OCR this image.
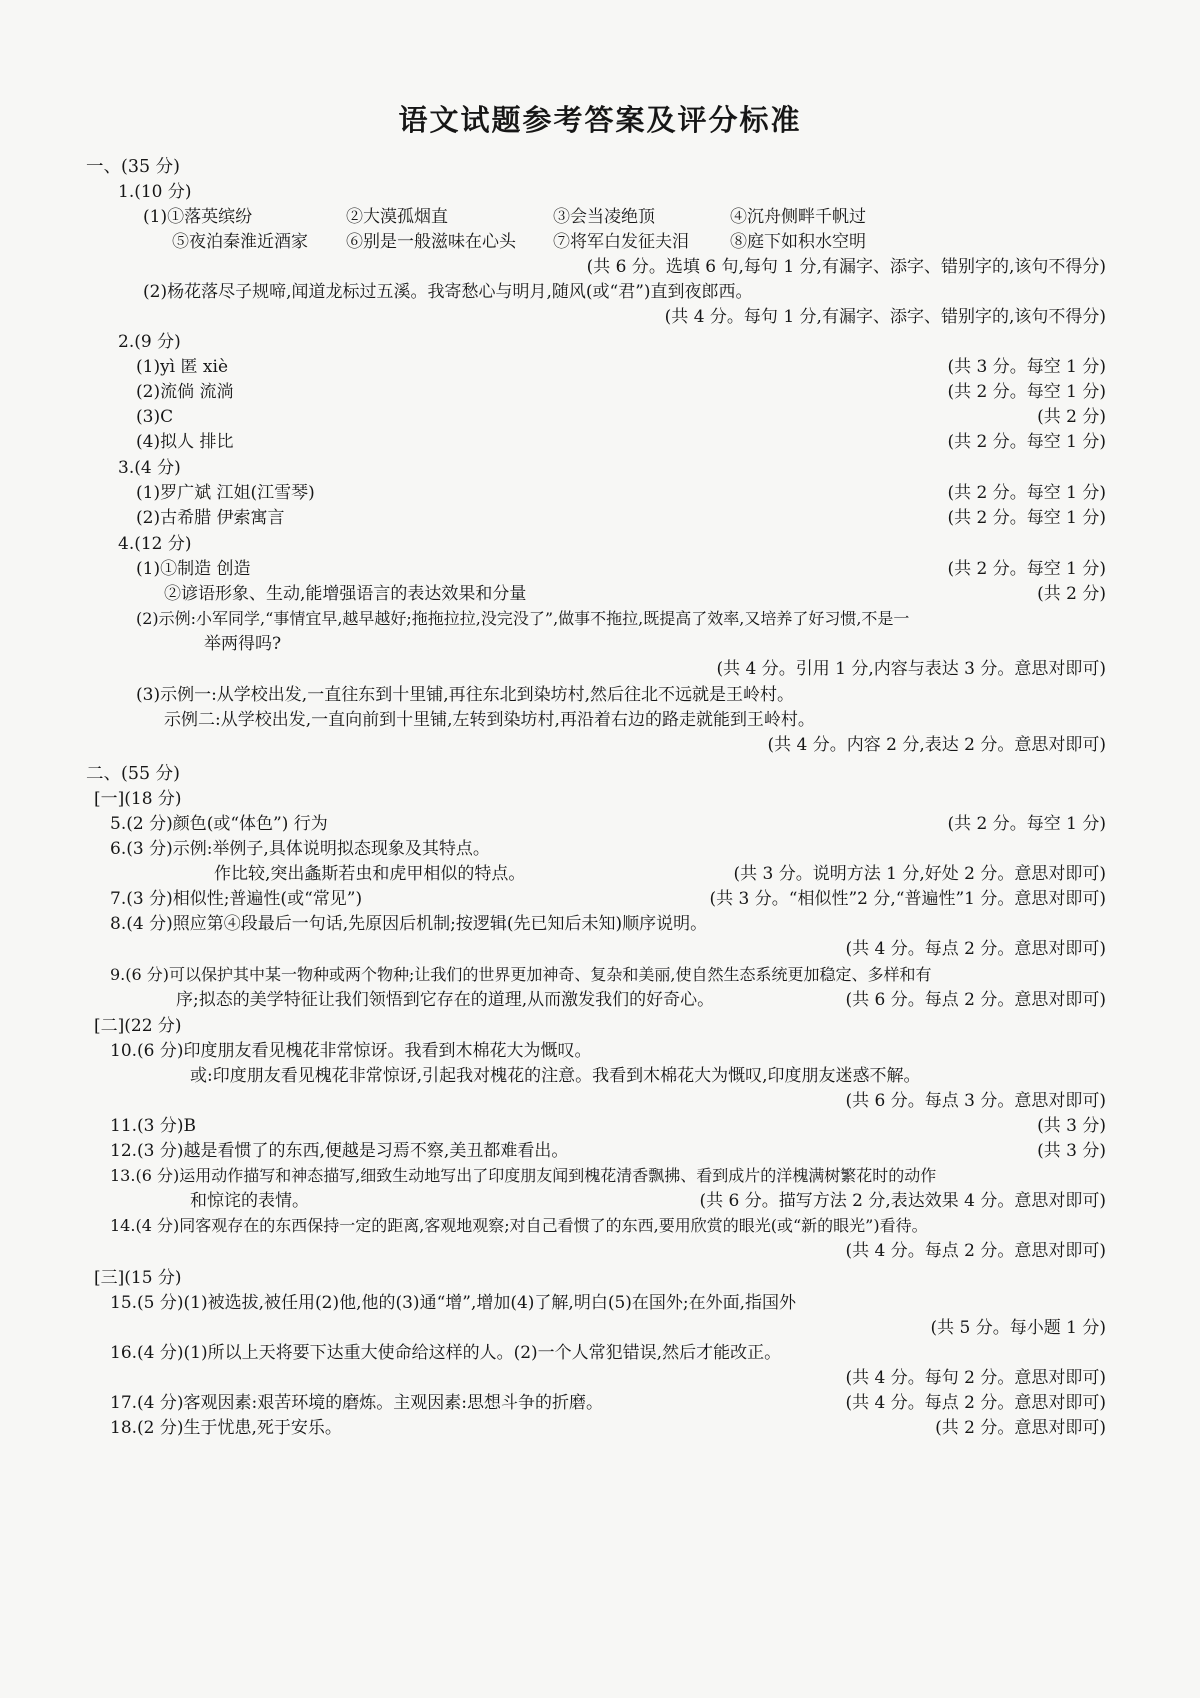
语文试题参考答案及评分标准
一、(35 分)
1.(10 分)
(1)①落英缤纷	②大漠孤烟直	③会当凌绝顶	④沉舟侧畔千帆过
⑤夜泊秦淮近酒家 ⑥别是一般滋味在心头 ⑦将军白发征夫泪 ⑧庭下如积水空明
(共 6 分。选填 6 句,每句 1 分,有漏字、添字、错别字的,该句不得分)
(2)杨花落尽子规啼,闻道龙标过五溪。我寄愁心与明月,随风(或“君”)直到夜郎西。
(共 4 分。每句 1 分,有漏字、添字、错别字的,该句不得分)
2.(9 分)
(1)yì 匿 xiè	(共 3 分。每空 1 分)
(2)流倘 流淌	(共 2 分。每空 1 分)
(3)C	(共 2 分)
(4)拟人 排比	(共 2 分。每空 1 分)
3.(4 分)
(1)罗广斌 江姐(江雪琴)	(共 2 分。每空 1 分)
(2)古希腊 伊索寓言	(共 2 分。每空 1 分)
4.(12 分)
(1)①制造 创造	(共 2 分。每空 1 分)
②谚语形象、生动,能增强语言的表达效果和分量	(共 2 分)
(2)示例:小军同学,“事情宜早,越早越好;拖拖拉拉,没完没了”,做事不拖拉,既提高了效率,又培养了好习惯,不是一
举两得吗?
(共 4 分。引用 1 分,内容与表达 3 分。意思对即可)
(3)示例一:从学校出发,一直往东到十里铺,再往东北到染坊村,然后往北不远就是王岭村。
示例二:从学校出发,一直向前到十里铺,左转到染坊村,再沿着右边的路走就能到王岭村。
(共 4 分。内容 2 分,表达 2 分。意思对即可)
二、(55 分)
[一](18 分)
5.(2 分)颜色(或“体色”) 行为	(共 2 分。每空 1 分)
6.(3 分)示例:举例子,具体说明拟态现象及其特点。
作比较,突出螽斯若虫和虎甲相似的特点。	(共 3 分。说明方法 1 分,好处 2 分。意思对即可)
7.(3 分)相似性;普遍性(或“常见”)	(共 3 分。“相似性”2 分,“普遍性”1 分。意思对即可)
8.(4 分)照应第④段最后一句话,先原因后机制;按逻辑(先已知后未知)顺序说明。
(共 4 分。每点 2 分。意思对即可)
9.(6 分)可以保护其中某一物种或两个物种;让我们的世界更加神奇、复杂和美丽,使自然生态系统更加稳定、多样和有
序;拟态的美学特征让我们领悟到它存在的道理,从而激发我们的好奇心。	(共 6 分。每点 2 分。意思对即可)
[二](22 分)
10.(6 分)印度朋友看见槐花非常惊讶。我看到木棉花大为慨叹。
或:印度朋友看见槐花非常惊讶,引起我对槐花的注意。我看到木棉花大为慨叹,印度朋友迷惑不解。
(共 6 分。每点 3 分。意思对即可)
11.(3 分)B	(共 3 分)
12.(3 分)越是看惯了的东西,便越是习焉不察,美丑都难看出。	(共 3 分)
13.(6 分)运用动作描写和神态描写,细致生动地写出了印度朋友闻到槐花清香飘拂、看到成片的洋槐满树繁花时的动作
和惊诧的表情。	(共 6 分。描写方法 2 分,表达效果 4 分。意思对即可)
14.(4 分)同客观存在的东西保持一定的距离,客观地观察;对自己看惯了的东西,要用欣赏的眼光(或“新的眼光”)看待。
(共 4 分。每点 2 分。意思对即可)
[三](15 分)
15.(5 分)(1)被选拔,被任用(2)他,他的(3)通“增”,增加(4)了解,明白(5)在国外;在外面,指国外
(共 5 分。每小题 1 分)
16.(4 分)(1)所以上天将要下达重大使命给这样的人。(2)一个人常犯错误,然后才能改正。
(共 4 分。每句 2 分。意思对即可)
17.(4 分)客观因素:艰苦环境的磨炼。主观因素:思想斗争的折磨。	(共 4 分。每点 2 分。意思对即可)
18.(2 分)生于忧患,死于安乐。	(共 2 分。意思对即可)
